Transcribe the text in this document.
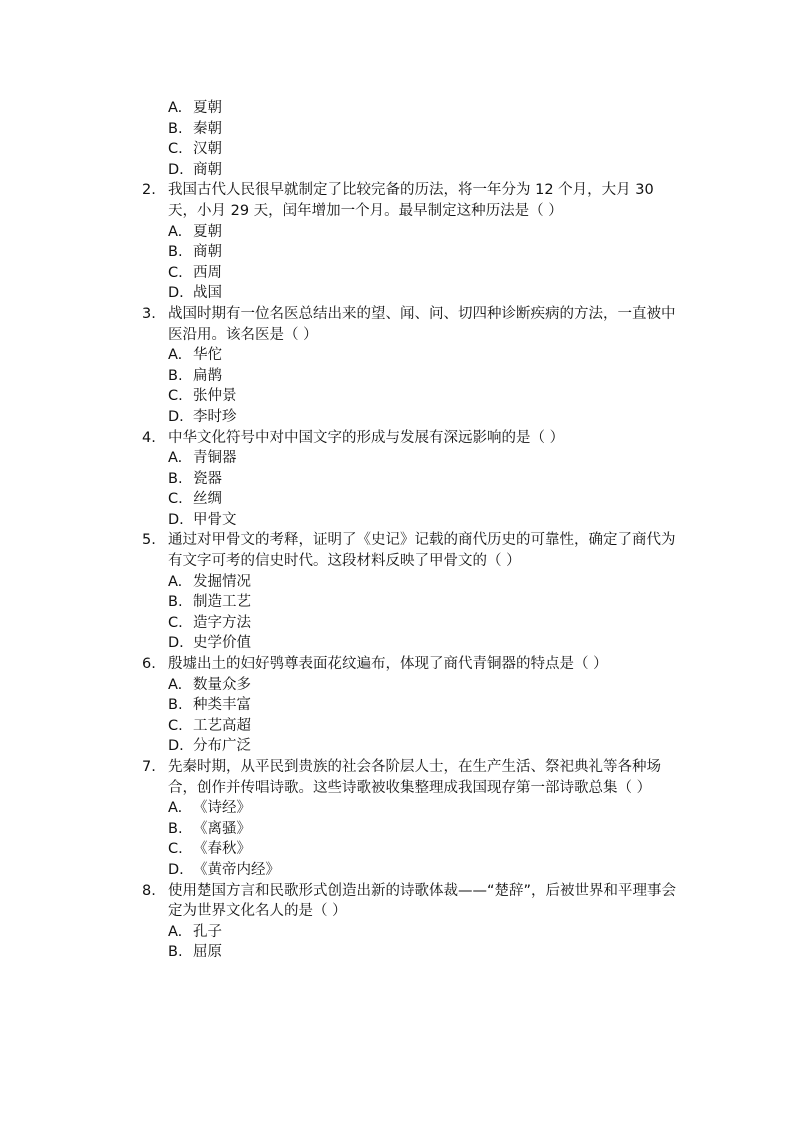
A. 夏朝
B. 秦朝
C. 汉朝
D. 商朝
2. 我国古代人民很早就制定了比较完备的历法，将一年分为 12 个月，大月 30 天，小月 29 天，闰年增加一个月。最早制定这种历法是（ ）
A. 夏朝
B. 商朝
C. 西周
D. 战国
3. 战国时期有一位名医总结出来的望、闻、问、切四种诊断疾病的方法，一直被中医沿用。该名医是（ ）
A. 华佗
B. 扁鹊
C. 张仲景
D. 李时珍
4. 中华文化符号中对中国文字的形成与发展有深远影响的是（ ）
A. 青铜器
B. 瓷器
C. 丝绸
D. 甲骨文
5. 通过对甲骨文的考释，证明了《史记》记载的商代历史的可靠性，确定了商代为有文字可考的信史时代。这段材料反映了甲骨文的（ ）
A. 发掘情况
B. 制造工艺
C. 造字方法
D. 史学价值
6. 殷墟出土的妇好鸮尊表面花纹遍布，体现了商代青铜器的特点是（ ）
A. 数量众多
B. 种类丰富
C. 工艺高超
D. 分布广泛
7. 先秦时期，从平民到贵族的社会各阶层人士，在生产生活、祭祀典礼等各种场合，创作并传唱诗歌。这些诗歌被收集整理成我国现存第一部诗歌总集（ ）
A. 《诗经》
B. 《离骚》
C. 《春秋》
D. 《黄帝内经》
8. 使用楚国方言和民歌形式创造出新的诗歌体裁——“楚辞”，后被世界和平理事会定为世界文化名人的是（ ）
A. 孔子
B. 屈原
